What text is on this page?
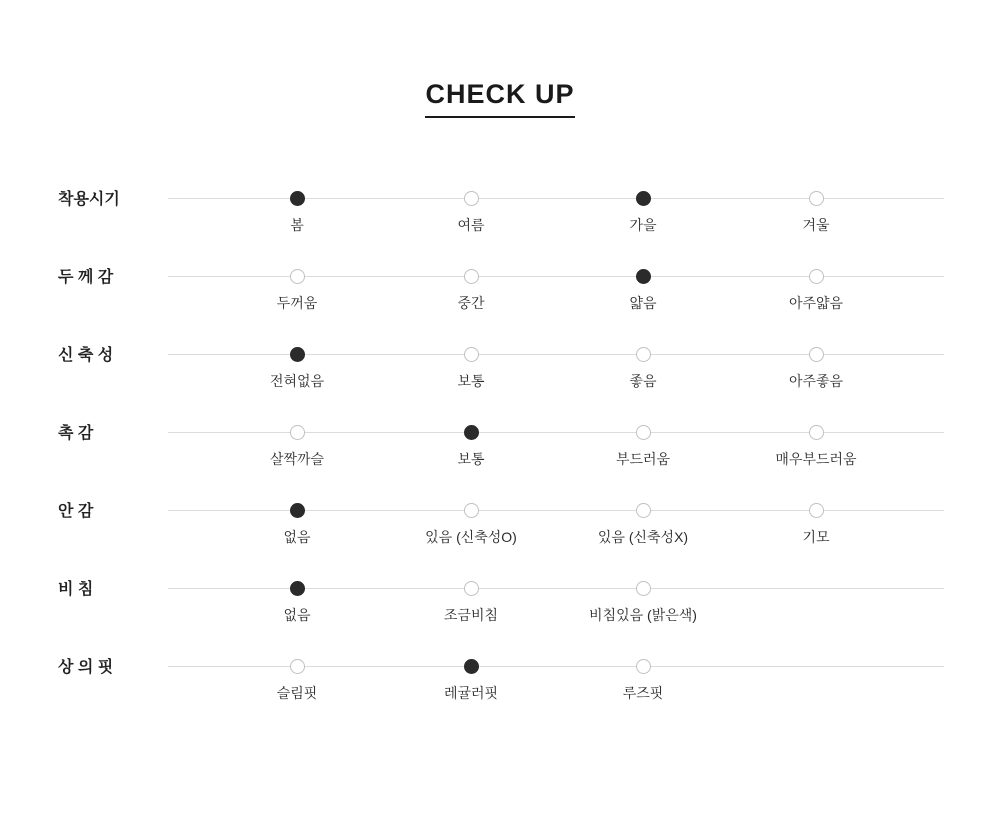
CHECK UP
착용시기
봄	여름	가을	겨울
두 께 감
두꺼움	중간	얇음	아주얇음
신 축 성
전혀없음	보통	좋음	아주좋음
촉 감
살짝까슬	보통	부드러움	매우부드러움
안 감
없음	있음 (신축성O)	있음 (신축성X)	기모
비 침
없음	조금비침	비침있음 (밝은색)
상 의 핏
슬림핏	레귤러핏	루즈핏
